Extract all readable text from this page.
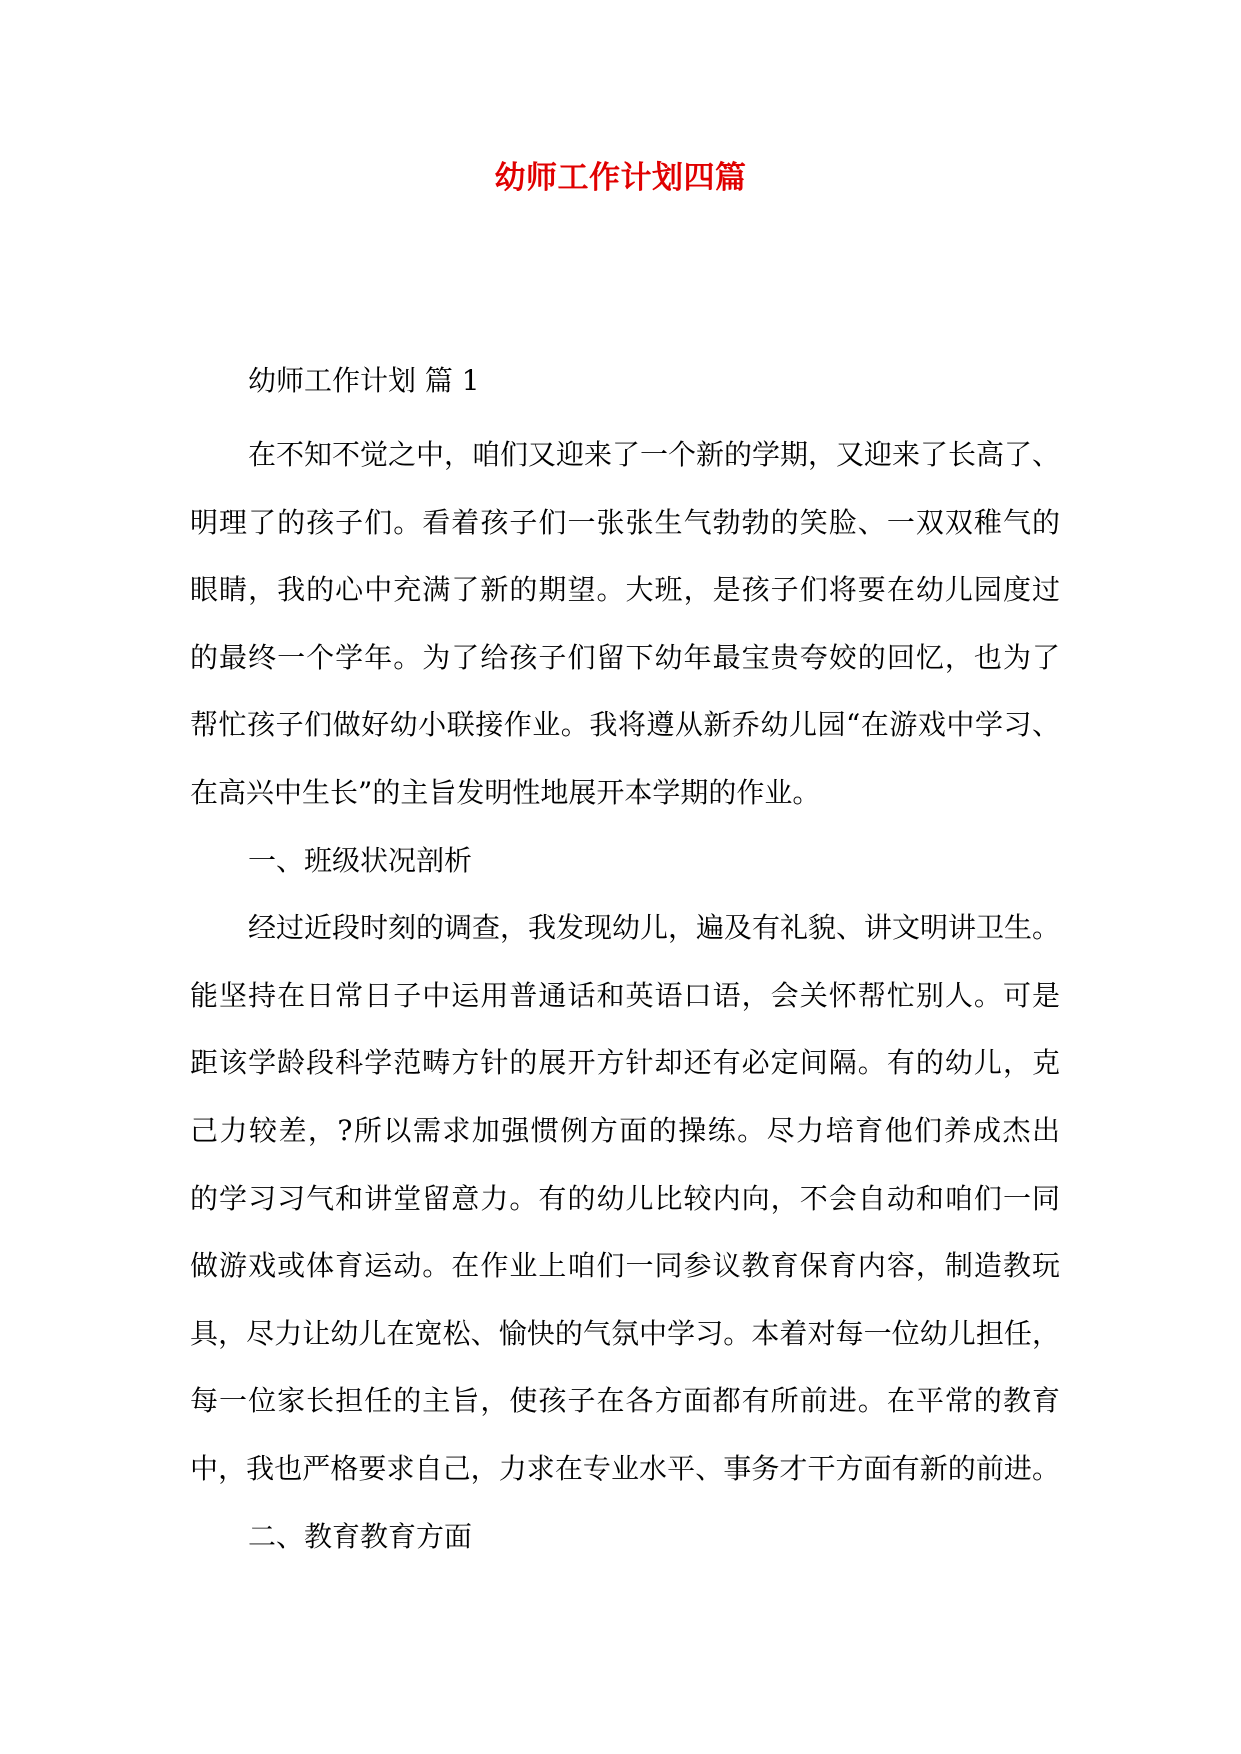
幼师工作计划四篇
幼师工作计划 篇 1
在不知不觉之中，咱们又迎来了一个新的学期，又迎来了长高了、
明理了的孩子们。看着孩子们一张张生气勃勃的笑脸、一双双稚气的
眼睛，我的心中充满了新的期望。大班，是孩子们将要在幼儿园度过
的最终一个学年。为了给孩子们留下幼年最宝贵夸姣的回忆，也为了
帮忙孩子们做好幼小联接作业。我将遵从新乔幼儿园“在游戏中学习、
在高兴中生长”的主旨发明性地展开本学期的作业。
一、班级状况剖析
经过近段时刻的调查，我发现幼儿，遍及有礼貌、讲文明讲卫生。
能坚持在日常日子中运用普通话和英语口语，会关怀帮忙别人。可是
距该学龄段科学范畴方针的展开方针却还有必定间隔。有的幼儿，克
己力较差，?所以需求加强惯例方面的操练。尽力培育他们养成杰出
的学习习气和讲堂留意力。有的幼儿比较内向，不会自动和咱们一同
做游戏或体育运动。在作业上咱们一同参议教育保育内容，制造教玩
具，尽力让幼儿在宽松、愉快的气氛中学习。本着对每一位幼儿担任，
每一位家长担任的主旨，使孩子在各方面都有所前进。在平常的教育
中，我也严格要求自己，力求在专业水平、事务才干方面有新的前进。
二、教育教育方面
